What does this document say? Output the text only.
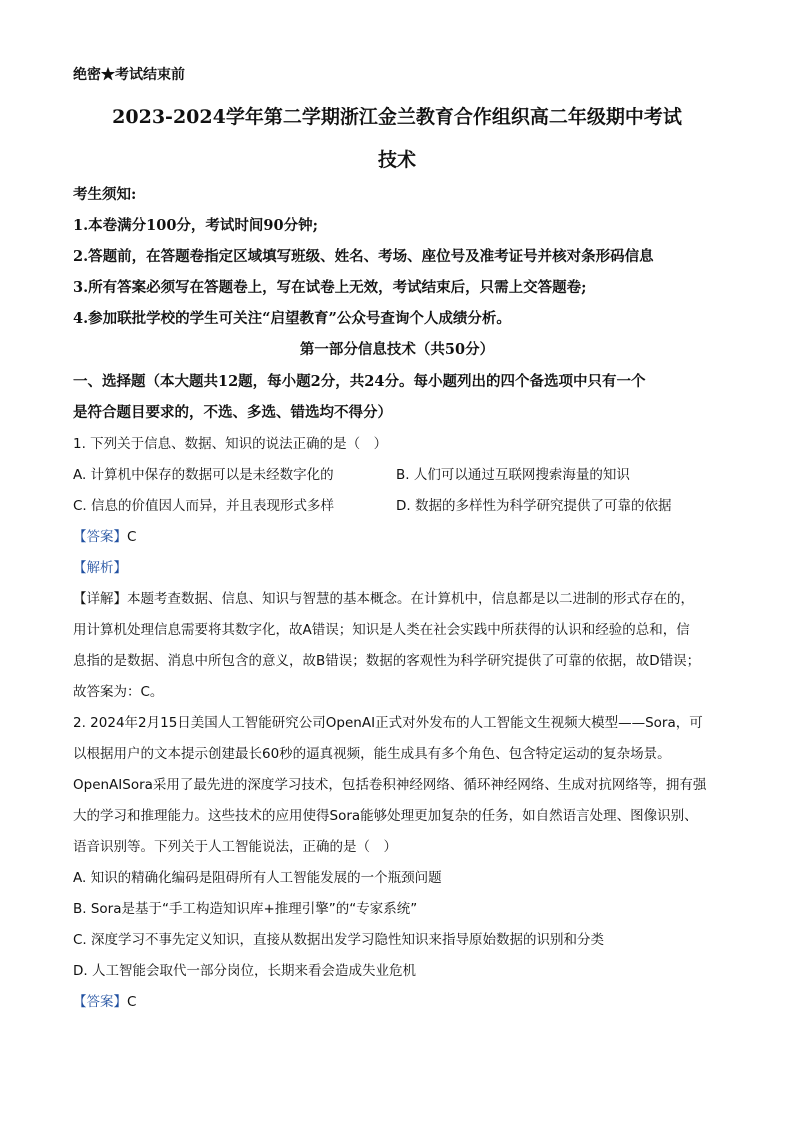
绝密★考试结束前
2023-2024学年第二学期浙江金兰教育合作组织高二年级期中考试
技术
考生须知:
1.本卷满分100分，考试时间90分钟;
2.答题前，在答题卷指定区域填写班级、姓名、考场、座位号及准考证号并核对条形码信息
3.所有答案必须写在答题卷上，写在试卷上无效，考试结束后，只需上交答题卷;
4.参加联批学校的学生可关注“启望教育”公众号查询个人成绩分析。
第一部分信息技术（共50分）
一、选择题（本大题共12题，每小题2分，共24分。每小题列出的四个备选项中只有一个
是符合题目要求的，不选、多选、错选均不得分）
1. 下列关于信息、数据、知识的说法正确的是（　）
A. 计算机中保存的数据可以是未经数字化的	B. 人们可以通过互联网搜索海量的知识
C. 信息的价值因人而异，并且表现形式多样	D. 数据的多样性为科学研究提供了可靠的依据
【答案】C
【解析】
【详解】本题考查数据、信息、知识与智慧的基本概念。在计算机中，信息都是以二进制的形式存在的，
用计算机处理信息需要将其数字化，故A错误；知识是人类在社会实践中所获得的认识和经验的总和，信
息指的是数据、消息中所包含的意义，故B错误；数据的客观性为科学研究提供了可靠的依据，故D错误；
故答案为：C。
2. 2024年2月15日美国人工智能研究公司OpenAI正式对外发布的人工智能文生视频大模型——Sora，可
以根据用户的文本提示创建最长60秒的逼真视频，能生成具有多个角色、包含特定运动的复杂场景。
OpenAISora采用了最先进的深度学习技术，包括卷积神经网络、循环神经网络、生成对抗网络等，拥有强
大的学习和推理能力。这些技术的应用使得Sora能够处理更加复杂的任务，如自然语言处理、图像识别、
语音识别等。下列关于人工智能说法，正确的是（　）
A. 知识的精确化编码是阻碍所有人工智能发展的一个瓶颈问题
B. Sora是基于“手工构造知识库+推理引擎”的“专家系统”
C. 深度学习不事先定义知识，直接从数据出发学习隐性知识来指导原始数据的识别和分类
D. 人工智能会取代一部分岗位，长期来看会造成失业危机
【答案】C
